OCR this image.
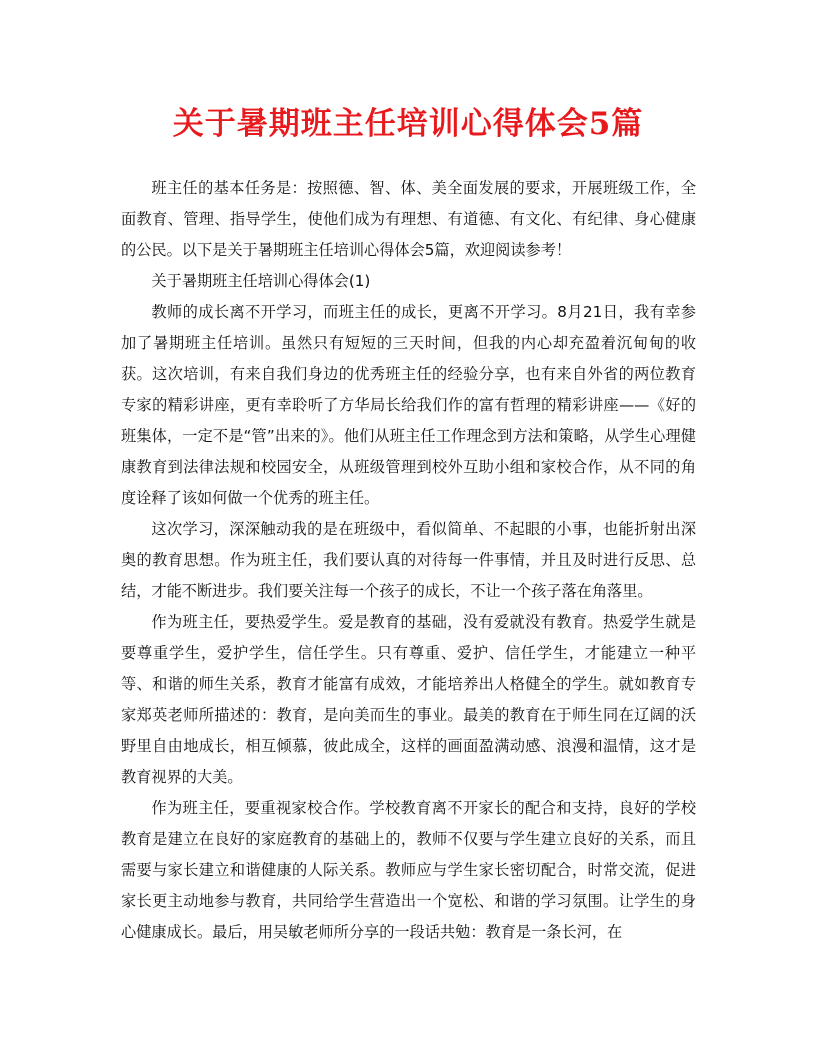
关于暑期班主任培训心得体会5篇

班主任的基本任务是：按照德、智、体、美全面发展的要求，开展班级工作，全面教育、管理、指导学生，使他们成为有理想、有道德、有文化、有纪律、身心健康的公民。以下是关于暑期班主任培训心得体会5篇，欢迎阅读参考！

关于暑期班主任培训心得体会(1)

教师的成长离不开学习，而班主任的成长，更离不开学习。8月21日，我有幸参加了暑期班主任培训。虽然只有短短的三天时间，但我的内心却充盈着沉甸甸的收获。这次培训，有来自我们身边的优秀班主任的经验分享，也有来自外省的两位教育专家的精彩讲座，更有幸聆听了方华局长给我们作的富有哲理的精彩讲座——《好的班集体，一定不是“管”出来的》。他们从班主任工作理念到方法和策略，从学生心理健康教育到法律法规和校园安全，从班级管理到校外互助小组和家校合作，从不同的角度诠释了该如何做一个优秀的班主任。

这次学习，深深触动我的是在班级中，看似简单、不起眼的小事，也能折射出深奥的教育思想。作为班主任，我们要认真的对待每一件事情，并且及时进行反思、总结，才能不断进步。我们要关注每一个孩子的成长，不让一个孩子落在角落里。

作为班主任，要热爱学生。爱是教育的基础，没有爱就没有教育。热爱学生就是要尊重学生，爱护学生，信任学生。只有尊重、爱护、信任学生，才能建立一种平等、和谐的师生关系，教育才能富有成效，才能培养出人格健全的学生。就如教育专家郑英老师所描述的：教育，是向美而生的事业。最美的教育在于师生同在辽阔的沃野里自由地成长，相互倾慕，彼此成全，这样的画面盈满动感、浪漫和温情，这才是教育视界的大美。

作为班主任，要重视家校合作。学校教育离不开家长的配合和支持，良好的学校教育是建立在良好的家庭教育的基础上的，教师不仅要与学生建立良好的关系，而且需要与家长建立和谐健康的人际关系。教师应与学生家长密切配合，时常交流，促进家长更主动地参与教育，共同给学生营造出一个宽松、和谐的学习氛围。让学生的身心健康成长。最后，用吴敏老师所分享的一段话共勉：教育是一条长河，在
